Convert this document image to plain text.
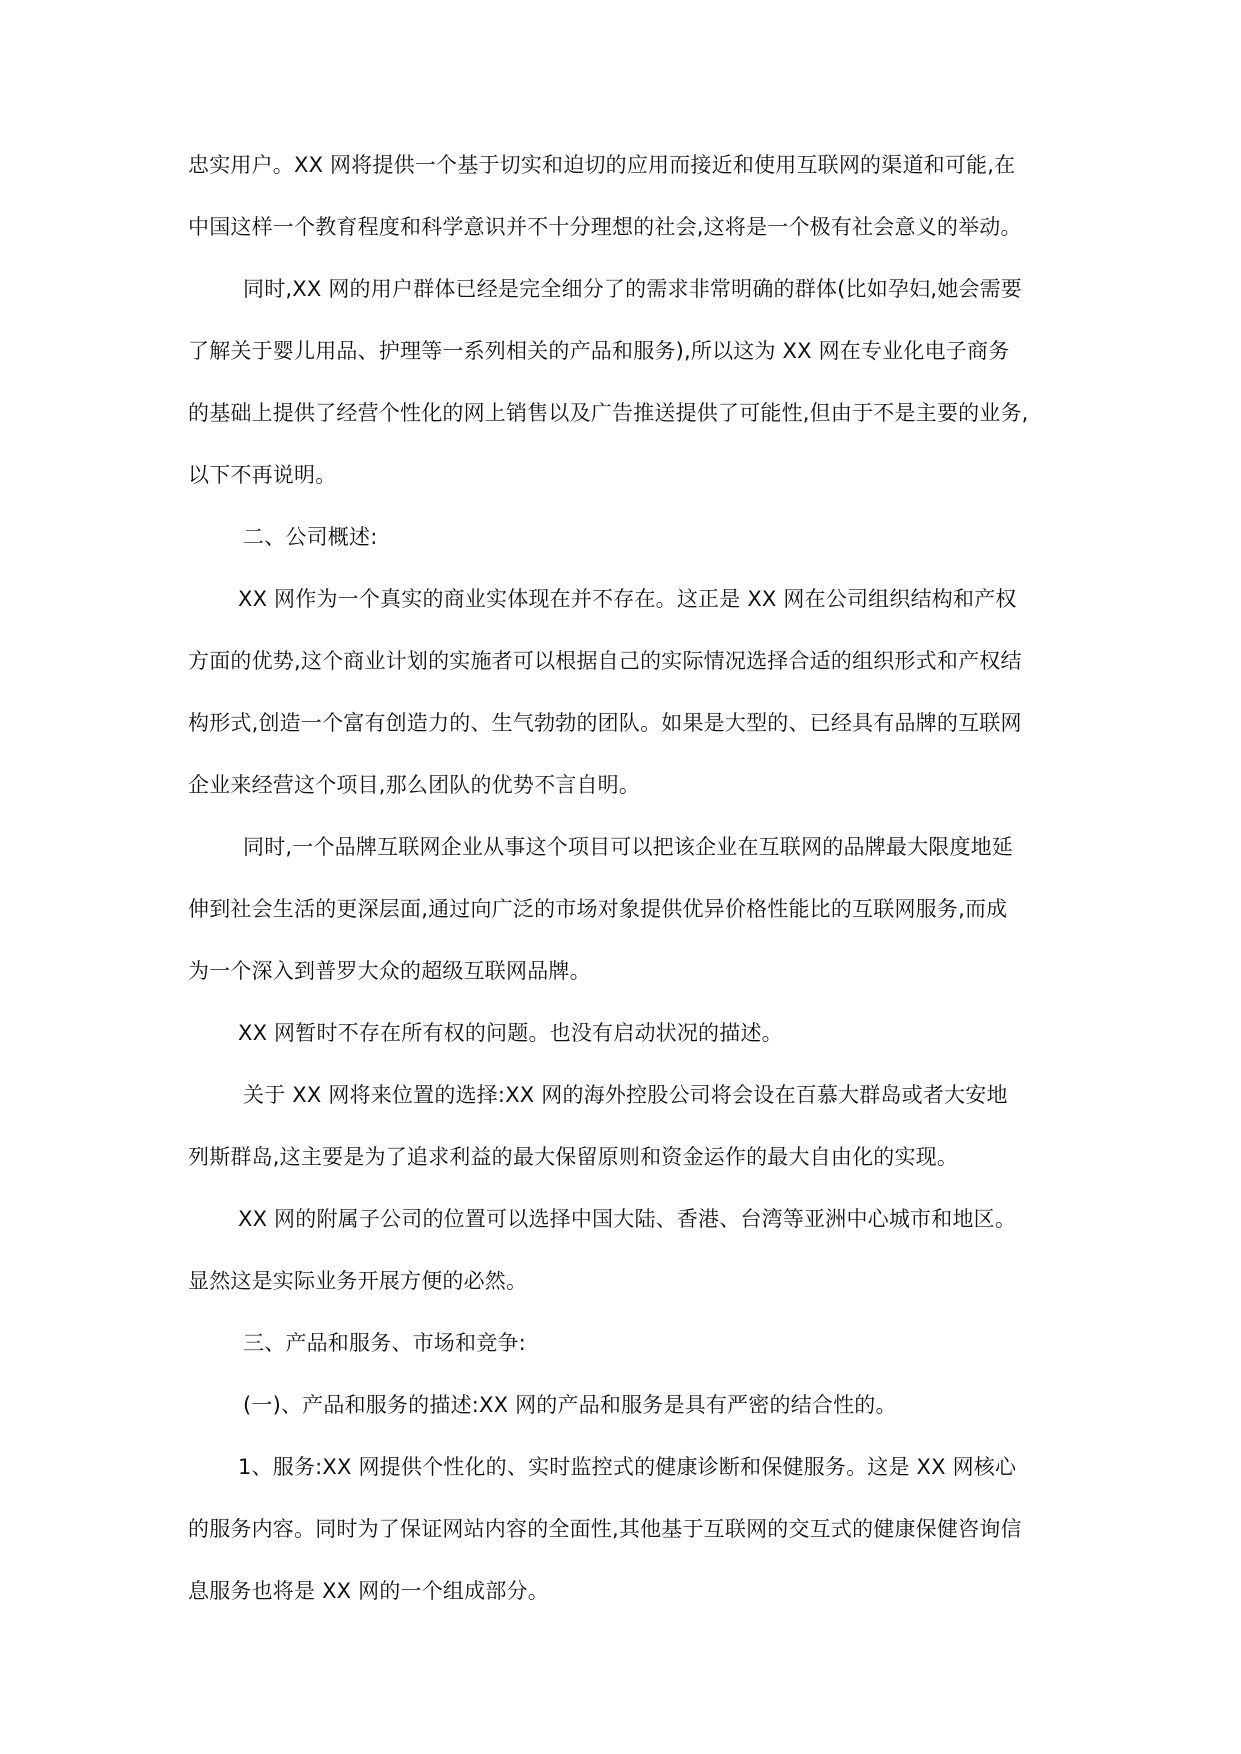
忠实用户。XX 网将提供一个基于切实和迫切的应用而接近和使用互联网的渠道和可能,在

中国这样一个教育程度和科学意识并不十分理想的社会,这将是一个极有社会意义的举动。

同时,XX 网的用户群体已经是完全细分了的需求非常明确的群体(比如孕妇,她会需要

了解关于婴儿用品、护理等一系列相关的产品和服务),所以这为 XX 网在专业化电子商务

的基础上提供了经营个性化的网上销售以及广告推送提供了可能性,但由于不是主要的业务,

以下不再说明。

二、公司概述:

XX 网作为一个真实的商业实体现在并不存在。这正是 XX 网在公司组织结构和产权

方面的优势,这个商业计划的实施者可以根据自己的实际情况选择合适的组织形式和产权结

构形式,创造一个富有创造力的、生气勃勃的团队。如果是大型的、已经具有品牌的互联网

企业来经营这个项目,那么团队的优势不言自明。

同时,一个品牌互联网企业从事这个项目可以把该企业在互联网的品牌最大限度地延

伸到社会生活的更深层面,通过向广泛的市场对象提供优异价格性能比的互联网服务,而成

为一个深入到普罗大众的超级互联网品牌。

XX 网暂时不存在所有权的问题。也没有启动状况的描述。

关于 XX 网将来位置的选择:XX 网的海外控股公司将会设在百慕大群岛或者大安地

列斯群岛,这主要是为了追求利益的最大保留原则和资金运作的最大自由化的实现。

XX 网的附属子公司的位置可以选择中国大陆、香港、台湾等亚洲中心城市和地区。

显然这是实际业务开展方便的必然。

三、产品和服务、市场和竞争:

(一)、产品和服务的描述:XX 网的产品和服务是具有严密的结合性的。

1、服务:XX 网提供个性化的、实时监控式的健康诊断和保健服务。这是 XX 网核心

的服务内容。同时为了保证网站内容的全面性,其他基于互联网的交互式的健康保健咨询信

息服务也将是 XX 网的一个组成部分。
